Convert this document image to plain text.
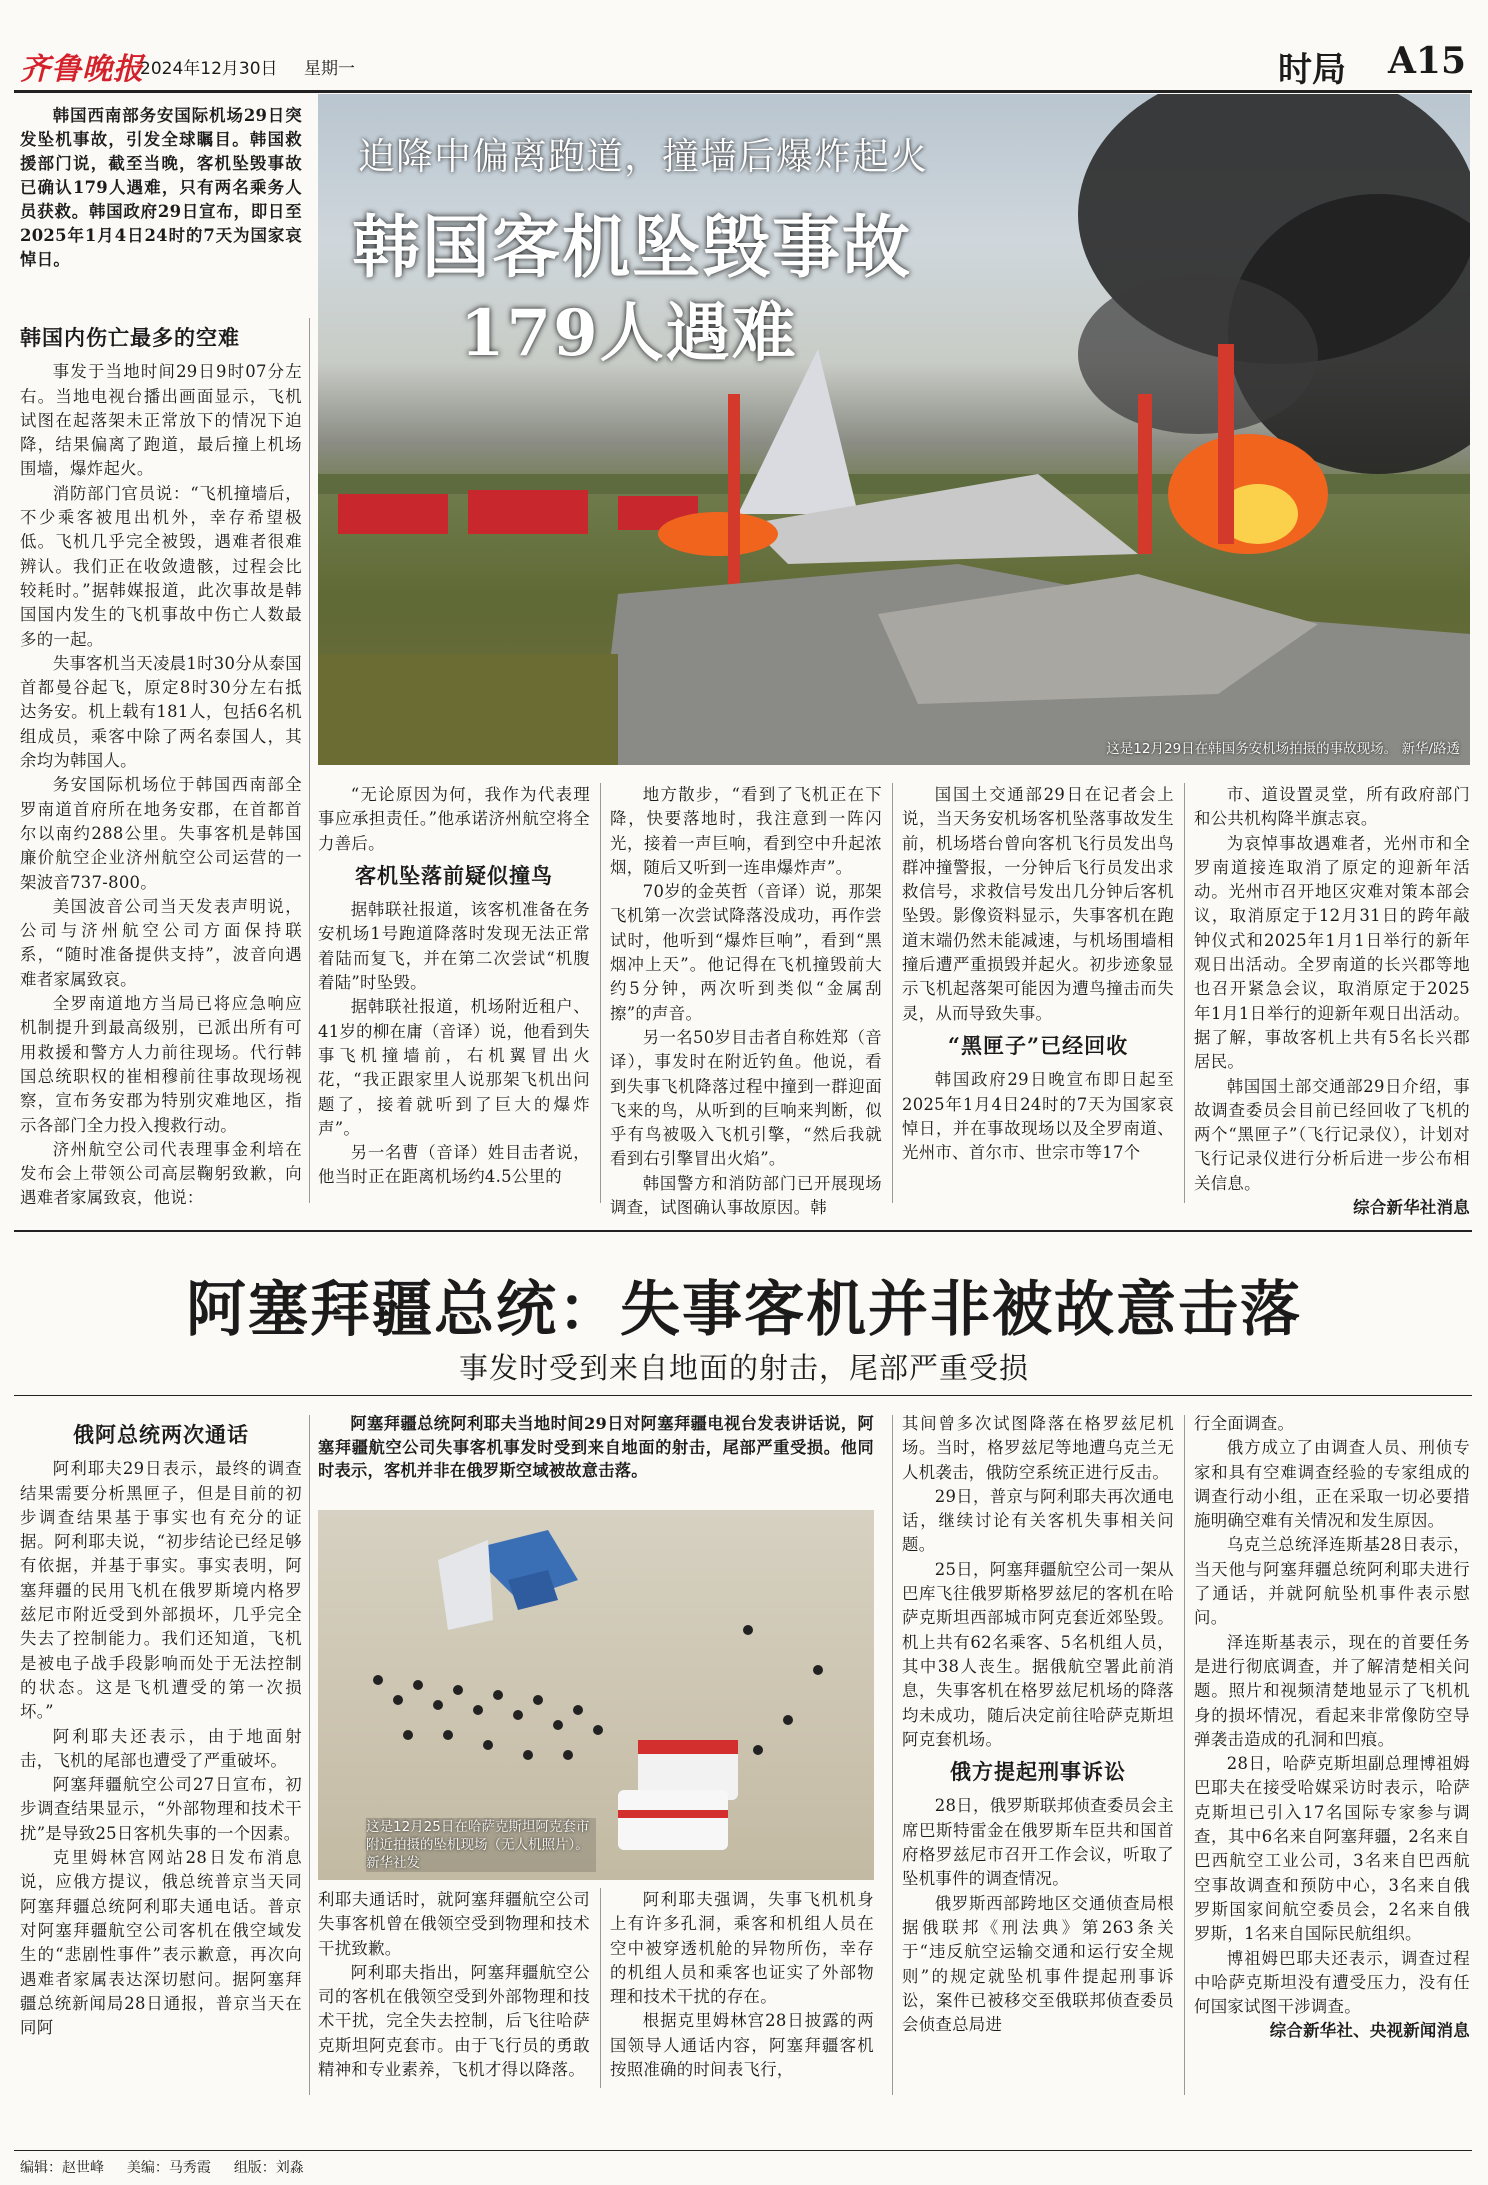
齐鲁晚报
2024年12月30日 星期一	时局 A15

韩国西南部务安国际机场29日突发坠机事故，引发全球瞩目。韩国救援部门说，截至当晚，客机坠毁事故已确认179人遇难，只有两名乘务人员获救。韩国政府29日宣布，即日至2025年1月4日24时的7天为国家哀悼日。

这是12月29日在韩国务安机场拍摄的事故现场。 新华/路透
迫降中偏离跑道，撞墙后爆炸起火
韩国客机坠毁事故
179人遇难
韩国内伤亡最多的空难

事发于当地时间29日9时07分左右。当地电视台播出画面显示，飞机试图在起落架未正常放下的情况下迫降，结果偏离了跑道，最后撞上机场围墙，爆炸起火。

消防部门官员说：“飞机撞墙后，不少乘客被甩出机外，幸存希望极低。飞机几乎完全被毁，遇难者很难辨认。我们正在收敛遗骸，过程会比较耗时。”据韩媒报道，此次事故是韩国国内发生的飞机事故中伤亡人数最多的一起。

失事客机当天凌晨1时30分从泰国首都曼谷起飞，原定8时30分左右抵达务安。机上载有181人，包括6名机组成员，乘客中除了两名泰国人，其余均为韩国人。

务安国际机场位于韩国西南部全罗南道首府所在地务安郡，在首都首尔以南约288公里。失事客机是韩国廉价航空企业济州航空公司运营的一架波音737-800。

美国波音公司当天发表声明说，公司与济州航空公司方面保持联系，“随时准备提供支持”，波音向遇难者家属致哀。

全罗南道地方当局已将应急响应机制提升到最高级别，已派出所有可用救援和警方人力前往现场。代行韩国总统职权的崔相穆前往事故现场视察，宣布务安郡为特别灾难地区，指示各部门全力投入搜救行动。

济州航空公司代表理事金利培在发布会上带领公司高层鞠躬致歉，向遇难者家属致哀，他说：

“无论原因为何，我作为代表理事应承担责任。”他承诺济州航空将全力善后。

客机坠落前疑似撞鸟

据韩联社报道，该客机准备在务安机场1号跑道降落时发现无法正常着陆而复飞，并在第二次尝试“机腹着陆”时坠毁。

据韩联社报道，机场附近租户、41岁的柳在庸（音译）说，他看到失事飞机撞墙前，右机翼冒出火花，“我正跟家里人说那架飞机出问题了，接着就听到了巨大的爆炸声”。

另一名曹（音译）姓目击者说，他当时正在距离机场约4.5公里的

地方散步，“看到了飞机正在下降，快要落地时，我注意到一阵闪光，接着一声巨响，看到空中升起浓烟，随后又听到一连串爆炸声”。

70岁的金英哲（音译）说，那架飞机第一次尝试降落没成功，再作尝试时，他听到“爆炸巨响”，看到“黑烟冲上天”。他记得在飞机撞毁前大约5分钟，两次听到类似“金属刮擦”的声音。

另一名50岁目击者自称姓郑（音译），事发时在附近钓鱼。他说，看到失事飞机降落过程中撞到一群迎面飞来的鸟，从听到的巨响来判断，似乎有鸟被吸入飞机引擎，“然后我就看到右引擎冒出火焰”。

韩国警方和消防部门已开展现场调查，试图确认事故原因。韩

国国土交通部29日在记者会上说，当天务安机场客机坠落事故发生前，机场塔台曾向客机飞行员发出鸟群冲撞警报，一分钟后飞行员发出求救信号，求救信号发出几分钟后客机坠毁。影像资料显示，失事客机在跑道末端仍然未能减速，与机场围墙相撞后遭严重损毁并起火。初步迹象显示飞机起落架可能因为遭鸟撞击而失灵，从而导致失事。

“黑匣子”已经回收

韩国政府29日晚宣布即日起至2025年1月4日24时的7天为国家哀悼日，并在事故现场以及全罗南道、光州市、首尔市、世宗市等17个

市、道设置灵堂，所有政府部门和公共机构降半旗志哀。

为哀悼事故遇难者，光州市和全罗南道接连取消了原定的迎新年活动。光州市召开地区灾难对策本部会议，取消原定于12月31日的跨年敲钟仪式和2025年1月1日举行的新年观日出活动。全罗南道的长兴郡等地也召开紧急会议，取消原定于2025年1月1日举行的迎新年观日出活动。据了解，事故客机上共有5名长兴郡居民。

韩国国土部交通部29日介绍，事故调查委员会目前已经回收了飞机的两个“黑匣子”（飞行记录仪），计划对飞行记录仪进行分析后进一步公布相关信息。

综合新华社消息
阿塞拜疆总统：失事客机并非被故意击落
事发时受到来自地面的射击，尾部严重受损
俄阿总统两次通话

阿利耶夫29日表示，最终的调查结果需要分析黑匣子，但是目前的初步调查结果基于事实也有充分的证据。阿利耶夫说，“初步结论已经足够有依据，并基于事实。事实表明，阿塞拜疆的民用飞机在俄罗斯境内格罗兹尼市附近受到外部损坏，几乎完全失去了控制能力。我们还知道，飞机是被电子战手段影响而处于无法控制的状态。这是飞机遭受的第一次损坏。”

阿利耶夫还表示，由于地面射击，飞机的尾部也遭受了严重破坏。

阿塞拜疆航空公司27日宣布，初步调查结果显示，“外部物理和技术干扰”是导致25日客机失事的一个因素。

克里姆林宫网站28日发布消息说，应俄方提议，俄总统普京当天同阿塞拜疆总统阿利耶夫通电话。普京对阿塞拜疆航空公司客机在俄空域发生的“悲剧性事件”表示歉意，再次向遇难者家属表达深切慰问。据阿塞拜疆总统新闻局28日通报，普京当天在同阿

阿塞拜疆总统阿利耶夫当地时间29日对阿塞拜疆电视台发表讲话说，阿塞拜疆航空公司失事客机事发时受到来自地面的射击，尾部严重受损。他同时表示，客机并非在俄罗斯空域被故意击落。

这是12月25日在哈萨克斯坦阿克套市附近拍摄的坠机现场（无人机照片）。 新华社发

利耶夫通话时，就阿塞拜疆航空公司失事客机曾在俄领空受到物理和技术干扰致歉。

阿利耶夫指出，阿塞拜疆航空公司的客机在俄领空受到外部物理和技术干扰，完全失去控制，后飞往哈萨克斯坦阿克套市。由于飞行员的勇敢精神和专业素养，飞机才得以降落。

阿利耶夫强调，失事飞机机身上有许多孔洞，乘客和机组人员在空中被穿透机舱的异物所伤，幸存的机组人员和乘客也证实了外部物理和技术干扰的存在。

根据克里姆林宫28日披露的两国领导人通话内容，阿塞拜疆客机按照准确的时间表飞行，

其间曾多次试图降落在格罗兹尼机场。当时，格罗兹尼等地遭乌克兰无人机袭击，俄防空系统正进行反击。

29日，普京与阿利耶夫再次通电话，继续讨论有关客机失事相关问题。

25日，阿塞拜疆航空公司一架从巴库飞往俄罗斯格罗兹尼的客机在哈萨克斯坦西部城市阿克套近郊坠毁。机上共有62名乘客、5名机组人员，其中38人丧生。据俄航空署此前消息，失事客机在格罗兹尼机场的降落均未成功，随后决定前往哈萨克斯坦阿克套机场。

俄方提起刑事诉讼

28日，俄罗斯联邦侦查委员会主席巴斯特雷金在俄罗斯车臣共和国首府格罗兹尼市召开工作会议，听取了坠机事件的调查情况。

俄罗斯西部跨地区交通侦查局根据俄联邦《刑法典》第263条关于“违反航空运输交通和运行安全规则”的规定就坠机事件提起刑事诉讼，案件已被移交至俄联邦侦查委员会侦查总局进

行全面调查。

俄方成立了由调查人员、刑侦专家和具有空难调查经验的专家组成的调查行动小组，正在采取一切必要措施明确空难有关情况和发生原因。

乌克兰总统泽连斯基28日表示，当天他与阿塞拜疆总统阿利耶夫进行了通话，并就阿航坠机事件表示慰问。

泽连斯基表示，现在的首要任务是进行彻底调查，并了解清楚相关问题。照片和视频清楚地显示了飞机机身的损坏情况，看起来非常像防空导弹袭击造成的孔洞和凹痕。

28日，哈萨克斯坦副总理博祖姆巴耶夫在接受哈媒采访时表示，哈萨克斯坦已引入17名国际专家参与调查，其中6名来自阿塞拜疆，2名来自巴西航空工业公司，3名来自巴西航空事故调查和预防中心，3名来自俄罗斯国家间航空委员会，2名来自俄罗斯，1名来自国际民航组织。

博祖姆巴耶夫还表示，调查过程中哈萨克斯坦没有遭受压力，没有任何国家试图干涉调查。

综合新华社、央视新闻消息
编辑：赵世峰 美编：马秀霞 组版：刘淼
